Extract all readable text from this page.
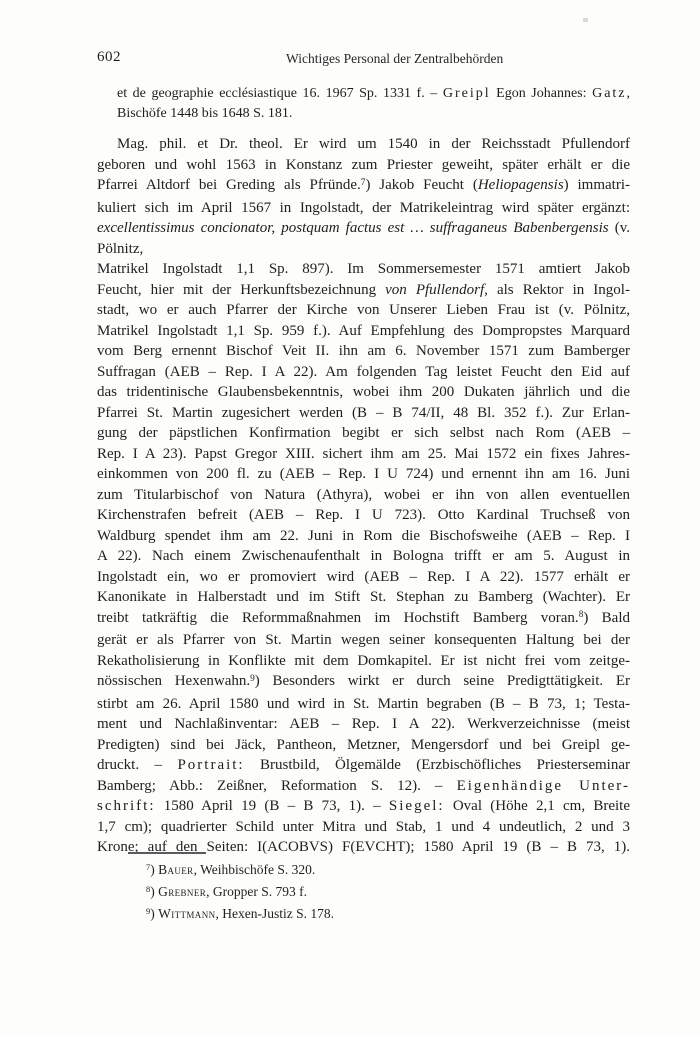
602	Wichtiges Personal der Zentralbehörden
et de geographie ecclésiastique 16. 1967 Sp. 1331 f. – Greipl Egon Johannes: Gatz,
Bischöfe 1448 bis 1648 S. 181.
Mag. phil. et Dr. theol. Er wird um 1540 in der Reichsstadt Pfullendorf
geboren und wohl 1563 in Konstanz zum Priester geweiht, später erhält er die
Pfarrei Altdorf bei Greding als Pfründe.$^7$) Jakob Feucht (Heliopagensis) immatri-
kuliert sich im April 1567 in Ingolstadt, der Matrikeleintrag wird später ergänzt:
excellentissimus concionator, postquam factus est … suffraganeus Babenbergensis (v. Pölnitz,
Matrikel Ingolstadt 1,1 Sp. 897). Im Sommersemester 1571 amtiert Jakob
Feucht, hier mit der Herkunftsbezeichnung von Pfullendorf, als Rektor in Ingol-
stadt, wo er auch Pfarrer der Kirche von Unserer Lieben Frau ist (v. Pölnitz,
Matrikel Ingolstadt 1,1 Sp. 959 f.). Auf Empfehlung des Dompropstes Marquard
vom Berg ernennt Bischof Veit II. ihn am 6. November 1571 zum Bamberger
Suffragan (AEB – Rep. I A 22). Am folgenden Tag leistet Feucht den Eid auf
das tridentinische Glaubensbekenntnis, wobei ihm 200 Dukaten jährlich und die
Pfarrei St. Martin zugesichert werden (B – B 74/II, 48 Bl. 352 f.). Zur Erlan-
gung der päpstlichen Konfirmation begibt er sich selbst nach Rom (AEB –
Rep. I A 23). Papst Gregor XIII. sichert ihm am 25. Mai 1572 ein fixes Jahres-
einkommen von 200 fl. zu (AEB – Rep. I U 724) und ernennt ihn am 16. Juni
zum Titularbischof von Natura (Athyra), wobei er ihn von allen eventuellen
Kirchenstrafen befreit (AEB – Rep. I U 723). Otto Kardinal Truchseß von
Waldburg spendet ihm am 22. Juni in Rom die Bischofsweihe (AEB – Rep. I
A 22). Nach einem Zwischenaufenthalt in Bologna trifft er am 5. August in
Ingolstadt ein, wo er promoviert wird (AEB – Rep. I A 22). 1577 erhält er
Kanonikate in Halberstadt und im Stift St. Stephan zu Bamberg (Wachter). Er
treibt tatkräftig die Reformmaßnahmen im Hochstift Bamberg voran.$^8$) Bald
gerät er als Pfarrer von St. Martin wegen seiner konsequenten Haltung bei der
Rekatholisierung in Konflikte mit dem Domkapitel. Er ist nicht frei vom zeitge-
nössischen Hexenwahn.$^9$) Besonders wirkt er durch seine Predigttätigkeit. Er
stirbt am 26. April 1580 und wird in St. Martin begraben (B – B 73, 1; Testa-
ment und Nachlaßinventar: AEB – Rep. I A 22). Werkverzeichnisse (meist
Predigten) sind bei Jäck, Pantheon, Metzner, Mengersdorf und bei Greipl ge-
druckt. – Portrait: Brustbild, Ölgemälde (Erzbischöfliches Priesterseminar
Bamberg; Abb.: Zeißner, Reformation S. 12). – Eigenhändige Unter-
schrift: 1580 April 19 (B – B 73, 1). – Siegel: Oval (Höhe 2,1 cm, Breite
1,7 cm); quadrierter Schild unter Mitra und Stab, 1 und 4 undeutlich, 2 und 3
Krone; auf den Seiten: I(ACOBVS) F(EVCHT); 1580 April 19 (B – B 73, 1).
$^7$) Bauer, Weihbischöfe S. 320.
$^8$) Grebner, Gropper S. 793 f.
$^9$) Wittmann, Hexen-Justiz S. 178.
